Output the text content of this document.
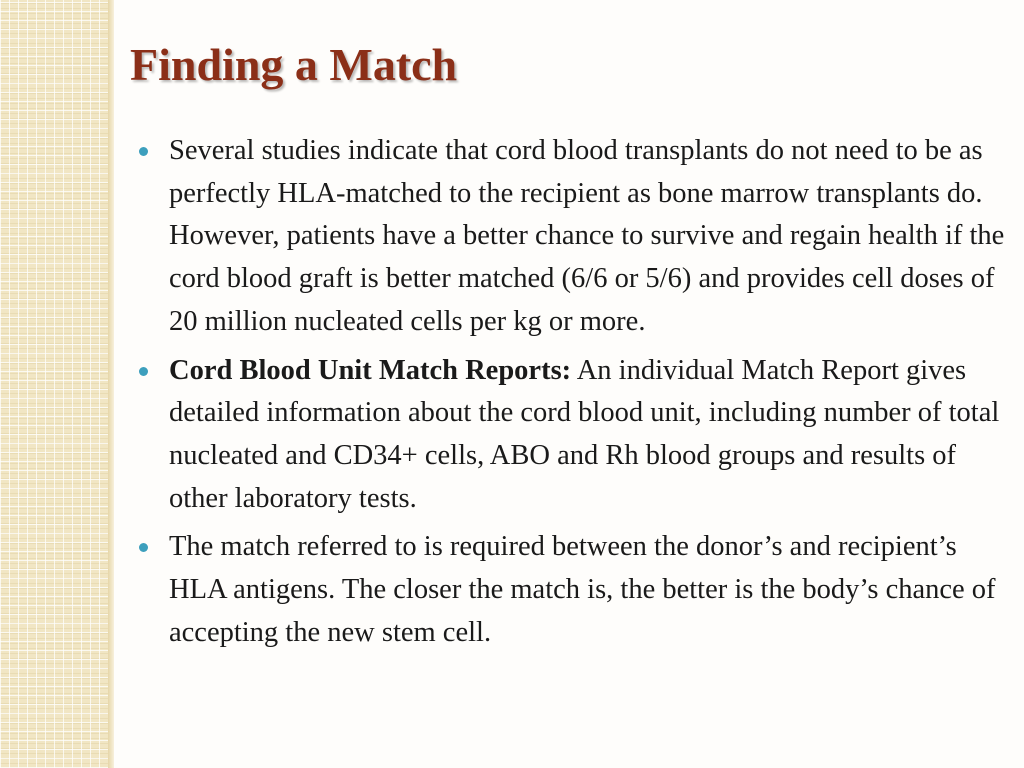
Finding a Match
Several studies indicate that cord blood transplants do not need to be as perfectly HLA-matched to the recipient as bone marrow transplants do. However, patients have a better chance to survive and regain health if the cord blood graft is better matched (6/6 or 5/6) and provides cell doses of 20 million nucleated cells per kg or more.
Cord Blood Unit Match Reports: An individual Match Report gives detailed information about the cord blood unit, including number of total nucleated and CD34+ cells, ABO and Rh blood groups and results of other laboratory tests.
The match referred to is required between the donor’s and recipient’s HLA antigens. The closer the match is, the better is the body’s chance of accepting the new stem cell.
